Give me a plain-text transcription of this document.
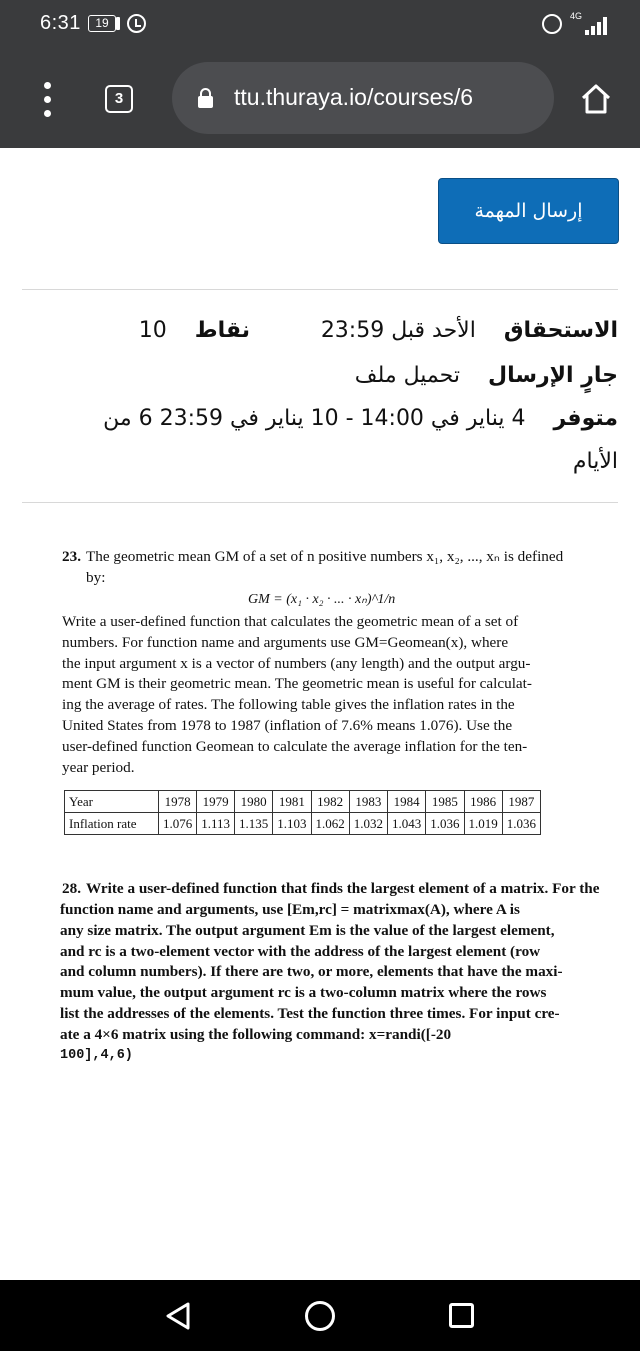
6:31	19	4G
3	ttu.thuraya.io/courses/6
إرسال المهمة
الاستحقاق  الأحد قبل 23:59
نقاط  10
جارٍ الإرسال  تحميل ملف
متوفر  4 يناير في 14:00 - 10 يناير في 23:59 6 من
الأيام
23. The geometric mean GM of a set of n positive numbers x₁, x₂, ..., xₙ is defined
by:
GM = (x₁ · x₂ · ... · xₙ)^1/n
Write a user-defined function that calculates the geometric mean of a set of
numbers. For function name and arguments use GM=Geomean(x), where
the input argument x is a vector of numbers (any length) and the output argu-
ment GM is their geometric mean. The geometric mean is useful for calculat-
ing the average of rates. The following table gives the inflation rates in the
United States from 1978 to 1987 (inflation of 7.6% means 1.076). Use the
user-defined function Geomean to calculate the average inflation for the ten-
year period.
Year	1978	1979	1980	1981	1982	1983	1984	1985	1986	1987
Inflation rate	1.076	1.113	1.135	1.103	1.062	1.032	1.043	1.036	1.019	1.036
28. Write a user-defined function that finds the largest element of a matrix. For the
function name and arguments, use [Em,rc] = matrixmax(A), where A is
any size matrix. The output argument Em is the value of the largest element,
and rc is a two-element vector with the address of the largest element (row
and column numbers). If there are two, or more, elements that have the maxi-
mum value, the output argument rc is a two-column matrix where the rows
list the addresses of the elements. Test the function three times. For input cre-
ate a 4×6 matrix using the following command: x=randi([-20
100],4,6)
